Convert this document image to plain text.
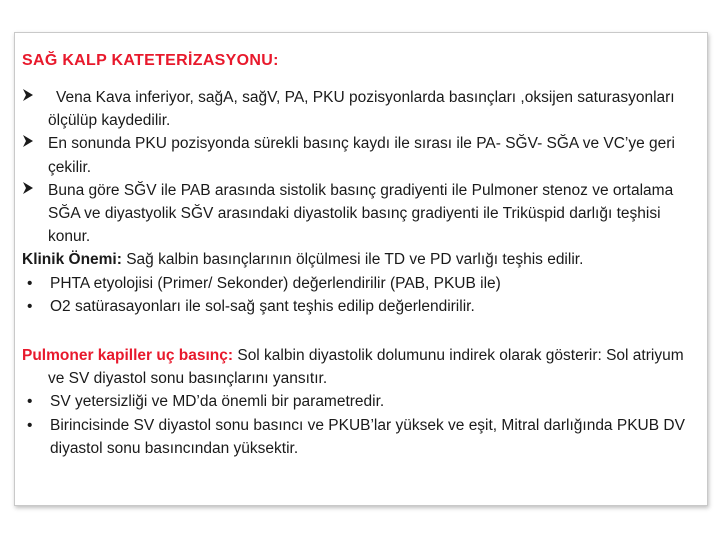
SAĞ KALP KATETERİZASYONU:
Vena Kava inferiyor, sağA, sağV, PA, PKU pozisyonlarda basınçları ,oksijen saturasyonları ölçülüp kaydedilir.
En sonunda PKU pozisyonda sürekli basınç kaydı ile sırası ile PA- SĞV- SĞA ve VC’ye geri çekilir.
Buna göre SĞV ile PAB arasında sistolik basınç gradiyenti ile Pulmoner stenoz ve ortalama SĞA ve diyastyolik SĞV arasındaki diyastolik basınç gradiyenti ile Triküspid darlığı teşhisi konur.
Klinik Önemi: Sağ kalbin basınçlarının ölçülmesi ile TD ve PD varlığı teşhis edilir.
• PHTA etyolojisi (Primer/ Sekonder) değerlendirilir (PAB, PKUB ile)
• O2 satürasayonları ile sol-sağ şant teşhis edilip değerlendirilir.
Pulmoner kapiller uç basınç: Sol kalbin diyastolik dolumunu indirek olarak gösterir: Sol atriyum ve SV diyastol sonu basınçlarını yansıtır.
• SV yetersizliği ve MD’da önemli bir parametredir.
• Birincisinde SV diyastol sonu basıncı ve PKUB’lar yüksek ve eşit, Mitral darlığında PKUB DV diyastol sonu basıncından yüksektir.
